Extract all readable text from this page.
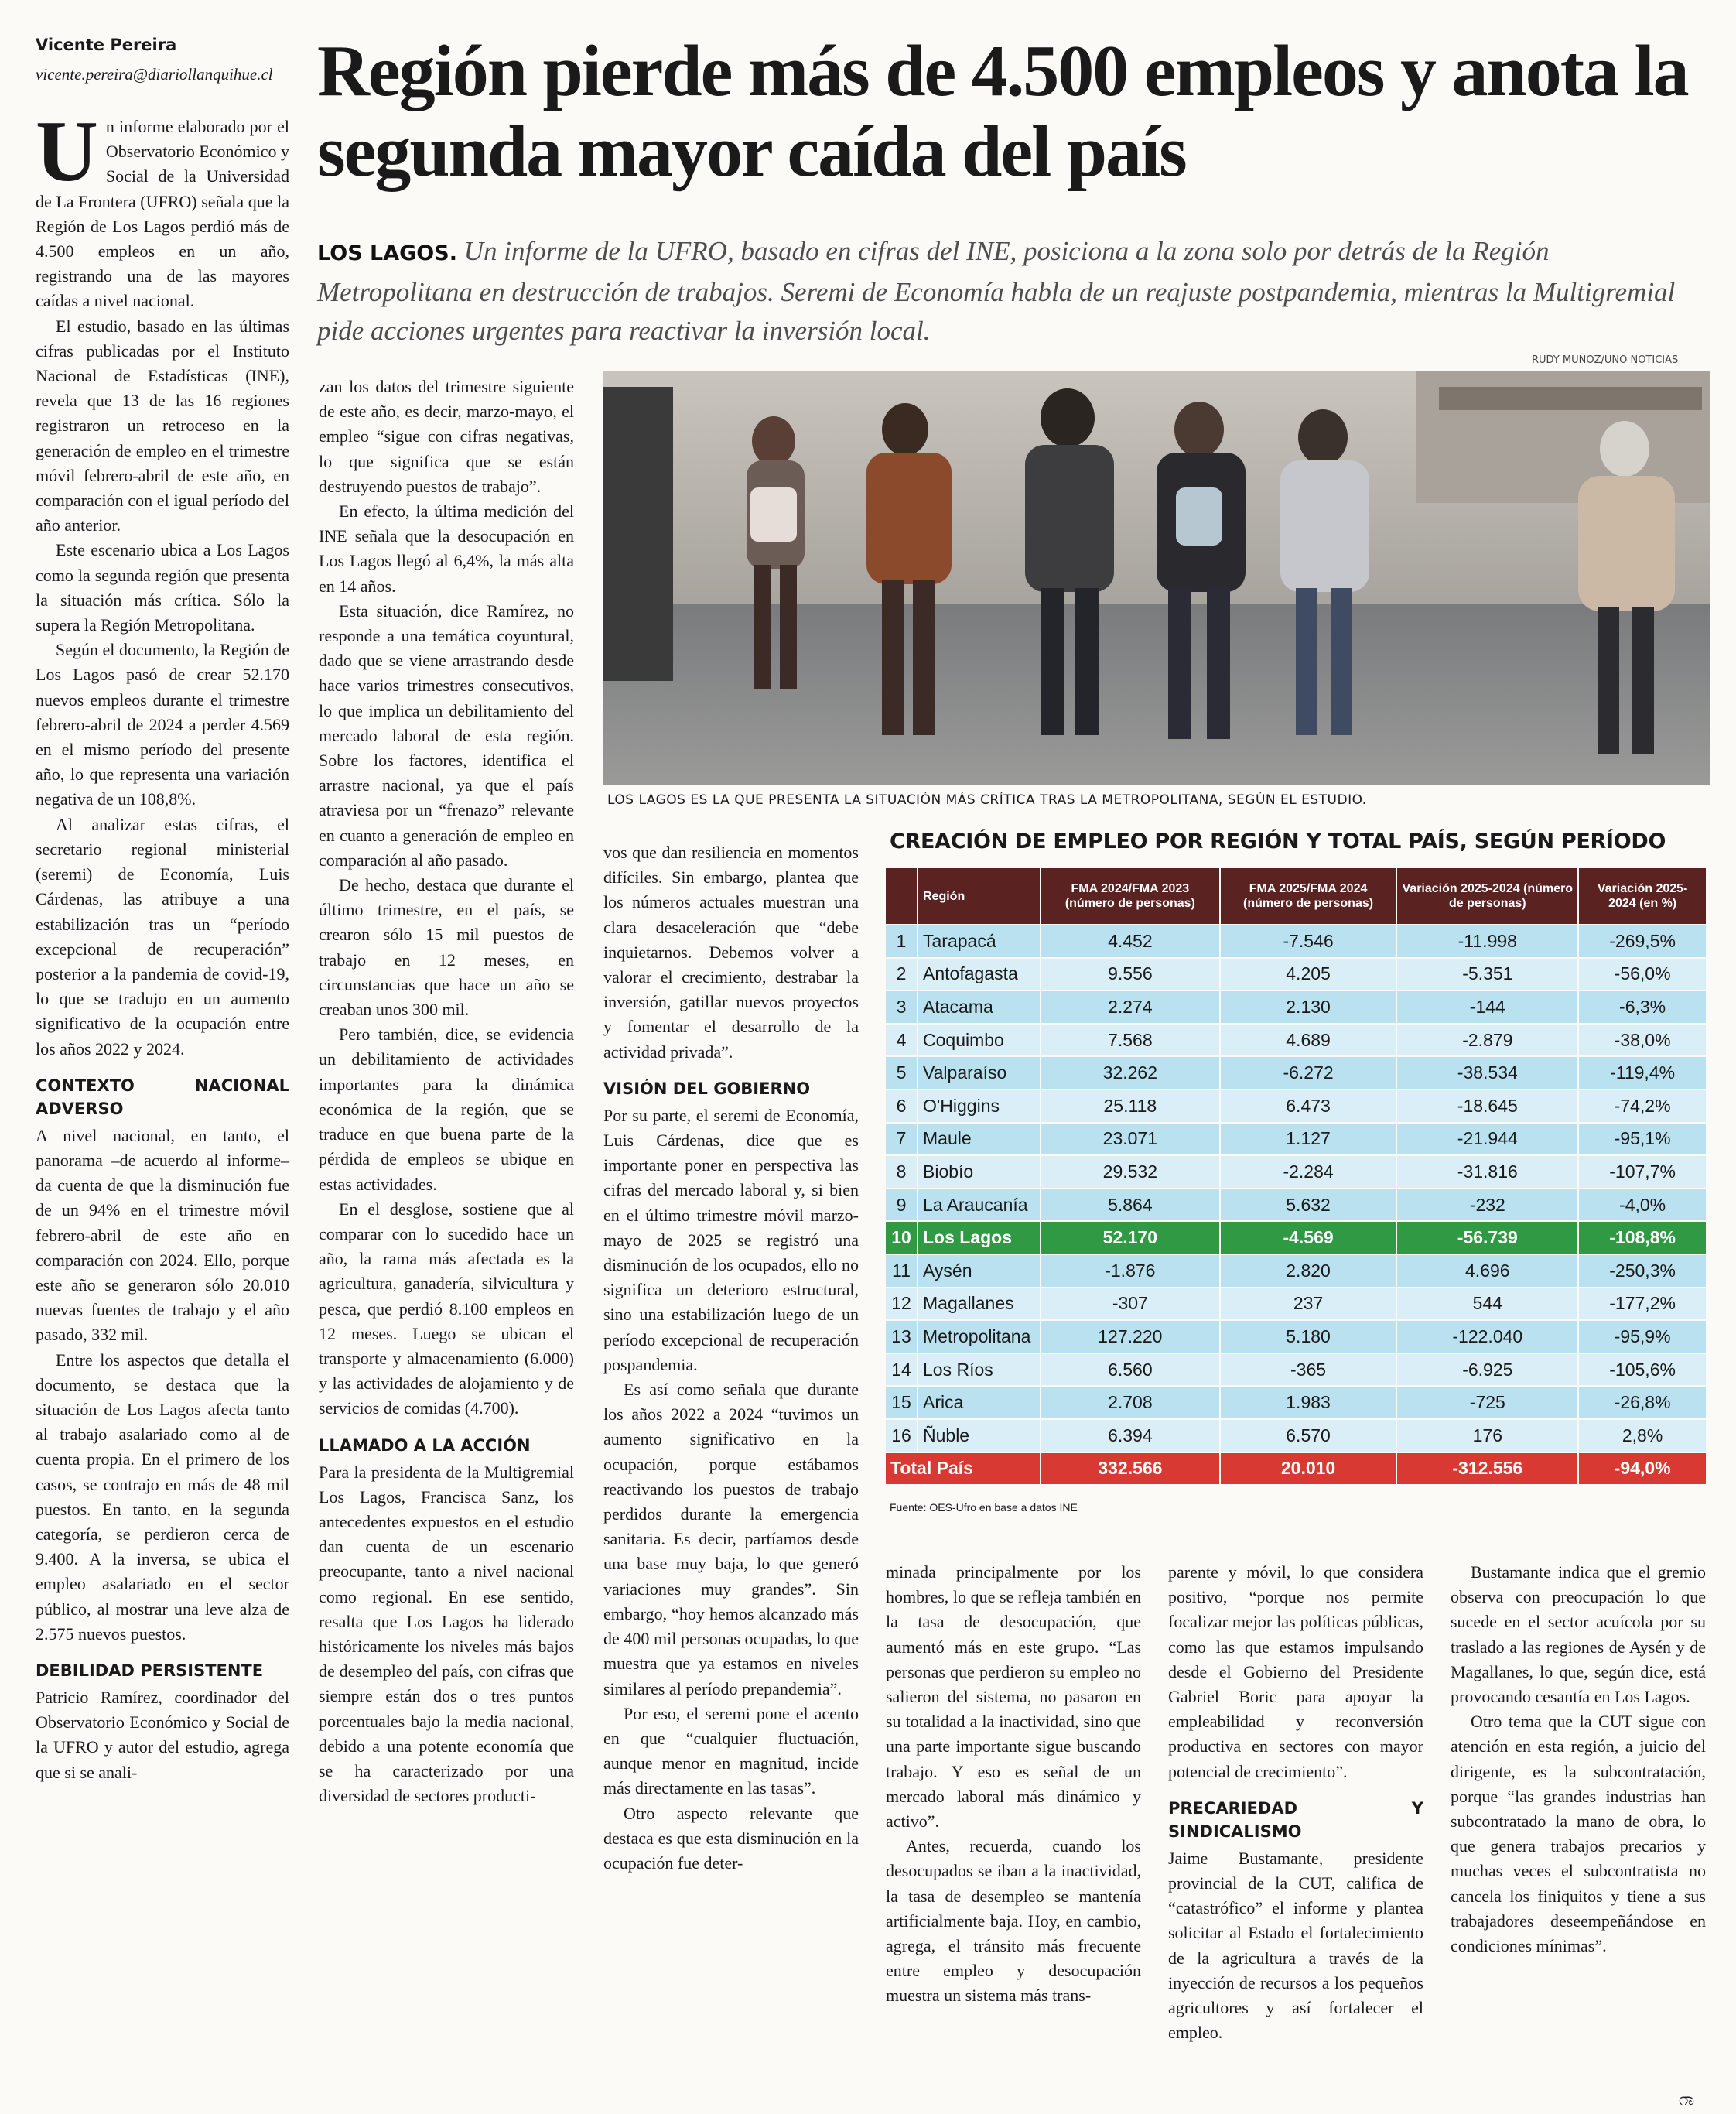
Vicente Pereira
vicente.pereira@diariollanquihue.cl Región pierde más de 4.500 empleos y anota la segunda mayor caída del país
LOS LAGOS. Un informe de la UFRO, basado en cifras del INE, posiciona a la zona solo por detrás de la Región Metropolitana en destrucción de trabajos. Seremi de Economía habla de un reajuste postpandemia, mientras la Multigremial pide acciones urgentes para reactivar la inversión local.
RUDY MUÑOZ/UNO NOTICIAS
LOS LAGOS ES LA QUE PRESENTA LA SITUACIÓN MÁS CRÍTICA TRAS LA METROPOLITANA, SEGÚN EL ESTUDIO.

Un informe elaborado por el Observatorio Económico y Social de la Universidad de La Frontera (UFRO) señala que la Región de Los Lagos perdió más de 4.500 empleos en un año, registrando una de las mayores caídas a nivel nacional.

El estudio, basado en las últimas cifras publicadas por el Instituto Nacional de Estadísticas (INE), revela que 13 de las 16 regiones registraron un retroceso en la generación de empleo en el trimestre móvil febrero-abril de este año, en comparación con el igual período del año anterior.

Este escenario ubica a Los Lagos como la segunda región que presenta la situación más crítica. Sólo la supera la Región Metropolitana.

Según el documento, la Región de Los Lagos pasó de crear 52.170 nuevos empleos durante el trimestre febrero-abril de 2024 a perder 4.569 en el mismo período del presente año, lo que representa una variación negativa de un 108,8%.

Al analizar estas cifras, el secretario regional ministerial (seremi) de Economía, Luis Cárdenas, las atribuye a una estabilización tras un “período excepcional de recuperación” posterior a la pandemia de covid-19, lo que se tradujo en un aumento significativo de la ocupación entre los años 2022 y 2024.

CONTEXTO NACIONAL ADVERSO

A nivel nacional, en tanto, el panorama –de acuerdo al informe– da cuenta de que la disminución fue de un 94% en el trimestre móvil febrero-abril de este año en comparación con 2024. Ello, porque este año se generaron sólo 20.010 nuevas fuentes de trabajo y el año pasado, 332 mil.

Entre los aspectos que detalla el documento, se destaca que la situación de Los Lagos afecta tanto al trabajo asalariado como al de cuenta propia. En el primero de los casos, se contrajo en más de 48 mil puestos. En tanto, en la segunda categoría, se perdieron cerca de 9.400. A la inversa, se ubica el empleo asalariado en el sector público, al mostrar una leve alza de 2.575 nuevos puestos.

DEBILIDAD PERSISTENTE

Patricio Ramírez, coordinador del Observatorio Económico y Social de la UFRO y autor del estudio, agrega que si se anali-

zan los datos del trimestre siguiente de este año, es decir, marzo-mayo, el empleo “sigue con cifras negativas, lo que significa que se están destruyendo puestos de trabajo”.

En efecto, la última medición del INE señala que la desocupación en Los Lagos llegó al 6,4%, la más alta en 14 años.

Esta situación, dice Ramírez, no responde a una temática coyuntural, dado que se viene arrastrando desde hace varios trimestres consecutivos, lo que implica un debilitamiento del mercado laboral de esta región. Sobre los factores, identifica el arrastre nacional, ya que el país atraviesa por un “frenazo” relevante en cuanto a generación de empleo en comparación al año pasado.

De hecho, destaca que durante el último trimestre, en el país, se crearon sólo 15 mil puestos de trabajo en 12 meses, en circunstancias que hace un año se creaban unos 300 mil.

Pero también, dice, se evidencia un debilitamiento de actividades importantes para la dinámica económica de la región, que se traduce en que buena parte de la pérdida de empleos se ubique en estas actividades.

En el desglose, sostiene que al comparar con lo sucedido hace un año, la rama más afectada es la agricultura, ganadería, silvicultura y pesca, que perdió 8.100 empleos en 12 meses. Luego se ubican el transporte y almacenamiento (6.000) y las actividades de alojamiento y de servicios de comidas (4.700).

LLAMADO A LA ACCIÓN

Para la presidenta de la Multigremial Los Lagos, Francisca Sanz, los antecedentes expuestos en el estudio dan cuenta de un escenario preocupante, tanto a nivel nacional como regional. En ese sentido, resalta que Los Lagos ha liderado históricamente los niveles más bajos de desempleo del país, con cifras que siempre están dos o tres puntos porcentuales bajo la media nacional, debido a una potente economía que se ha caracterizado por una diversidad de sectores producti-

vos que dan resiliencia en momentos difíciles. Sin embargo, plantea que los números actuales muestran una clara desaceleración que “debe inquietarnos. Debemos volver a valorar el crecimiento, destrabar la inversión, gatillar nuevos proyectos y fomentar el desarrollo de la actividad privada”.

VISIÓN DEL GOBIERNO

Por su parte, el seremi de Economía, Luis Cárdenas, dice que es importante poner en perspectiva las cifras del mercado laboral y, si bien en el último trimestre móvil marzo-mayo de 2025 se registró una disminución de los ocupados, ello no significa un deterioro estructural, sino una estabilización luego de un período excepcional de recuperación pospandemia.

Es así como señala que durante los años 2022 a 2024 “tuvimos un aumento significativo en la ocupación, porque estábamos reactivando los puestos de trabajo perdidos durante la emergencia sanitaria. Es decir, partíamos desde una base muy baja, lo que generó variaciones muy grandes”. Sin embargo, “hoy hemos alcanzado más de 400 mil personas ocupadas, lo que muestra que ya estamos en niveles similares al período prepandemia”.

Por eso, el seremi pone el acento en que “cualquier fluctuación, aunque menor en magnitud, incide más directamente en las tasas”.

Otro aspecto relevante que destaca es que esta disminución en la ocupación fue deter-

CREACIÓN DE EMPLEO POR REGIÓN Y TOTAL PAÍS, SEGÚN PERÍODO
	Región	FMA 2024/FMA 2023 (número de personas)	FMA 2025/FMA 2024 (número de personas)	Variación 2025-2024 (número de personas)	Variación 2025-2024 (en %)
1	Tarapacá	4.452	-7.546	-11.998	-269,5%
2	Antofagasta	9.556	4.205	-5.351	-56,0%
3	Atacama	2.274	2.130	-144	-6,3%
4	Coquimbo	7.568	4.689	-2.879	-38,0%
5	Valparaíso	32.262	-6.272	-38.534	-119,4%
6	O'Higgins	25.118	6.473	-18.645	-74,2%
7	Maule	23.071	1.127	-21.944	-95,1%
8	Biobío	29.532	-2.284	-31.816	-107,7%
9	La Araucanía	5.864	5.632	-232	-4,0%
10	Los Lagos	52.170	-4.569	-56.739	-108,8%
11	Aysén	-1.876	2.820	4.696	-250,3%
12	Magallanes	-307	237	544	-177,2%
13	Metropolitana	127.220	5.180	-122.040	-95,9%
14	Los Ríos	6.560	-365	-6.925	-105,6%
15	Arica	2.708	1.983	-725	-26,8%
16	Ñuble	6.394	6.570	176	2,8%
Total País		332.566	20.010	-312.556	-94,0%
Fuente: OES-Ufro en base a datos INE

minada principalmente por los hombres, lo que se refleja también en la tasa de desocupación, que aumentó más en este grupo. “Las personas que perdieron su empleo no salieron del sistema, no pasaron en su totalidad a la inactividad, sino que una parte importante sigue buscando trabajo. Y eso es señal de un mercado laboral más dinámico y activo”.

Antes, recuerda, cuando los desocupados se iban a la inactividad, la tasa de desempleo se mantenía artificialmente baja. Hoy, en cambio, agrega, el tránsito más frecuente entre empleo y desocupación muestra un sistema más trans-

parente y móvil, lo que considera positivo, “porque nos permite focalizar mejor las políticas públicas, como las que estamos impulsando desde el Gobierno del Presidente Gabriel Boric para apoyar la empleabilidad y reconversión productiva en sectores con mayor potencial de crecimiento”.

PRECARIEDAD Y SINDICALISMO

Jaime Bustamante, presidente provincial de la CUT, califica de “catastrófico” el informe y plantea solicitar al Estado el fortalecimiento de la agricultura a través de la inyección de recursos a los pequeños agricultores y así fortalecer el empleo.

Bustamante indica que el gremio observa con preocupación lo que sucede en el sector acuícola por su traslado a las regiones de Aysén y de Magallanes, lo que, según dice, está provocando cesantía en Los Lagos.

Otro tema que la CUT sigue con atención en esta región, a juicio del dirigente, es la subcontratación, porque “las grandes industrias han subcontratado la mano de obra, lo que genera trabajos precarios y muchas veces el subcontratista no cancela los finiquitos y tiene a sus trabajadores deseempeñándose en condiciones mínimas”.

೧ಾ
